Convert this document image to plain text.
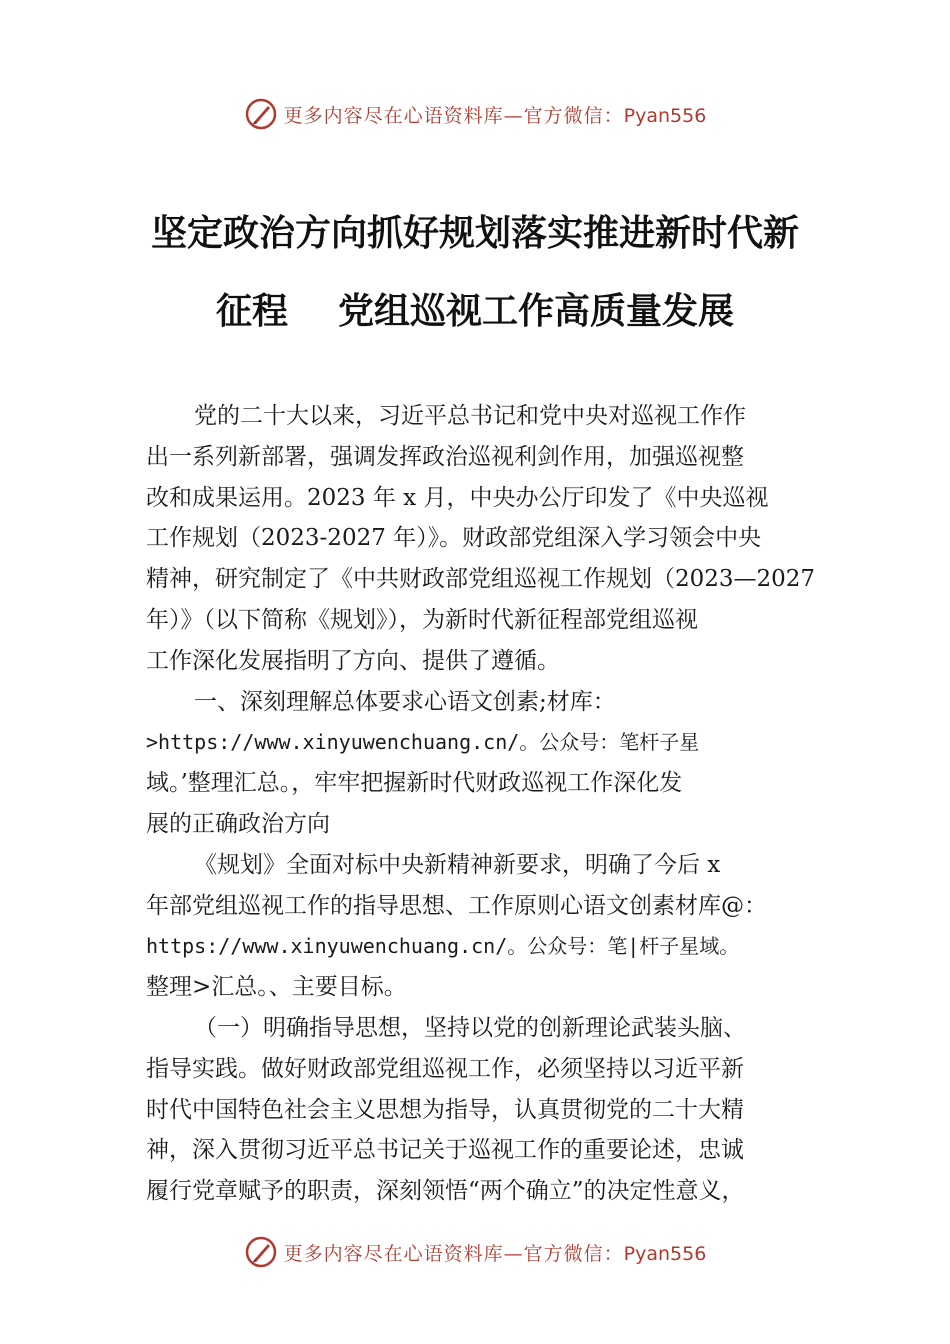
更多内容尽在心语资料库—官方微信：Pyan556
坚定政治方向抓好规划落实推进新时代新
征程 党组巡视工作高质量发展
党的二十大以来，习近平总书记和党中央对巡视工作作
出一系列新部署，强调发挥政治巡视利剑作用，加强巡视整
改和成果运用。2023 年 x 月，中央办公厅印发了《中央巡视
工作规划（2023-2027 年）》。财政部党组深入学习领会中央
精神，研究制定了《中共财政部党组巡视工作规划（2023—2027
年）》（以下简称《规划》），为新时代新征程部党组巡视
工作深化发展指明了方向、提供了遵循。
一、深刻理解总体要求心语文创素;材库：
>https://www.xinyuwenchuang.cn/。公众号：笔杆子星
域。’整理汇总。，牢牢把握新时代财政巡视工作深化发
展的正确政治方向
《规划》全面对标中央新精神新要求，明确了今后 x
年部党组巡视工作的指导思想、工作原则心语文创素材库@：
https://www.xinyuwenchuang.cn/。公众号：笔|杆子星域。
整理>汇总。、主要目标。
（一）明确指导思想，坚持以党的创新理论武装头脑、
指导实践。做好财政部党组巡视工作，必须坚持以习近平新
时代中国特色社会主义思想为指导，认真贯彻党的二十大精
神，深入贯彻习近平总书记关于巡视工作的重要论述，忠诚
履行党章赋予的职责，深刻领悟“两个确立”的决定性意义，
更多内容尽在心语资料库—官方微信：Pyan556
